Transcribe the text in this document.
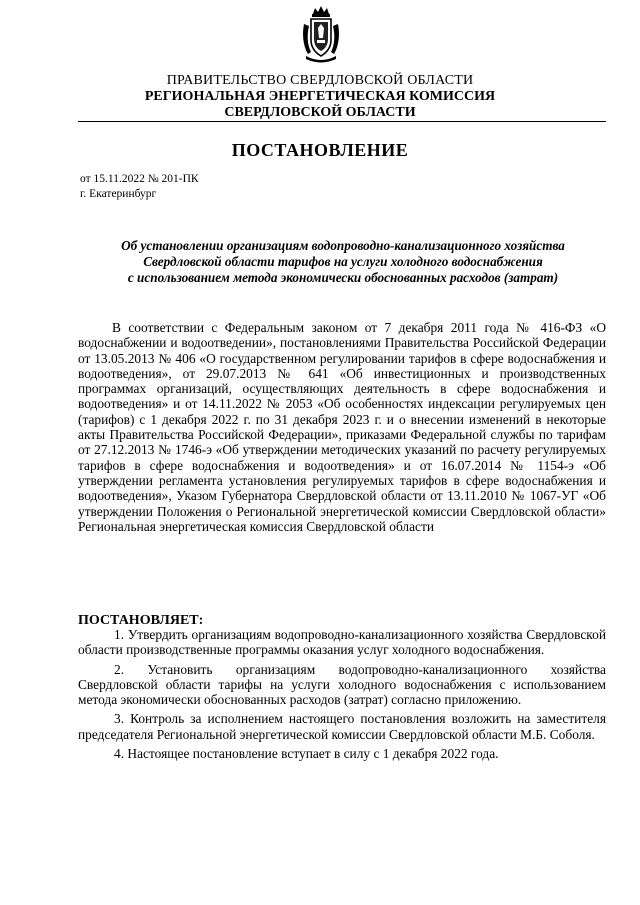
ПРАВИТЕЛЬСТВО СВЕРДЛОВСКОЙ ОБЛАСТИ
РЕГИОНАЛЬНАЯ ЭНЕРГЕТИЧЕСКАЯ КОМИССИЯ
СВЕРДЛОВСКОЙ ОБЛАСТИ
ПОСТАНОВЛЕНИЕ
от 15.11.2022 № 201-ПК
г. Екатеринбург
Об установлении организациям водопроводно-канализационного хозяйства
Свердловской области тарифов на услуги холодного водоснабжения
с использованием метода экономически обоснованных расходов (затрат)
В соответствии с Федеральным законом от 7 декабря 2011 года № 416-ФЗ «О водоснабжении и водоотведении», постановлениями Правительства Российской Федерации от 13.05.2013 № 406 «О государственном регулировании тарифов в сфере водоснабжения и водоотведения», от 29.07.2013 № 641 «Об инвестиционных и производственных программах организаций, осуществляющих деятельность в сфере водоснабжения и водоотведения» и от 14.11.2022 № 2053 «Об особенностях индексации регулируемых цен (тарифов) с 1 декабря 2022 г. по 31 декабря 2023 г. и о внесении изменений в некоторые акты Правительства Российской Федерации», приказами Федеральной службы по тарифам от 27.12.2013 № 1746-э «Об утверждении методических указаний по расчету регулируемых тарифов в сфере водоснабжения и водоотведения» и от 16.07.2014 № 1154-э «Об утверждении регламента установления регулируемых тарифов в сфере водоснабжения и водоотведения», Указом Губернатора Свердловской области от 13.11.2010 № 1067-УГ «Об утверждении Положения о Региональной энергетической комиссии Свердловской области» Региональная энергетическая комиссия Свердловской области
ПОСТАНОВЛЯЕТ:
1. Утвердить организациям водопроводно-канализационного хозяйства Свердловской области производственные программы оказания услуг холодного водоснабжения.
2. Установить организациям водопроводно-канализационного хозяйства Свердловской области тарифы на услуги холодного водоснабжения с использованием метода экономически обоснованных расходов (затрат) согласно приложению.
3. Контроль за исполнением настоящего постановления возложить на заместителя председателя Региональной энергетической комиссии Свердловской области М.Б. Соболя.
4. Настоящее постановление вступает в силу с 1 декабря 2022 года.
